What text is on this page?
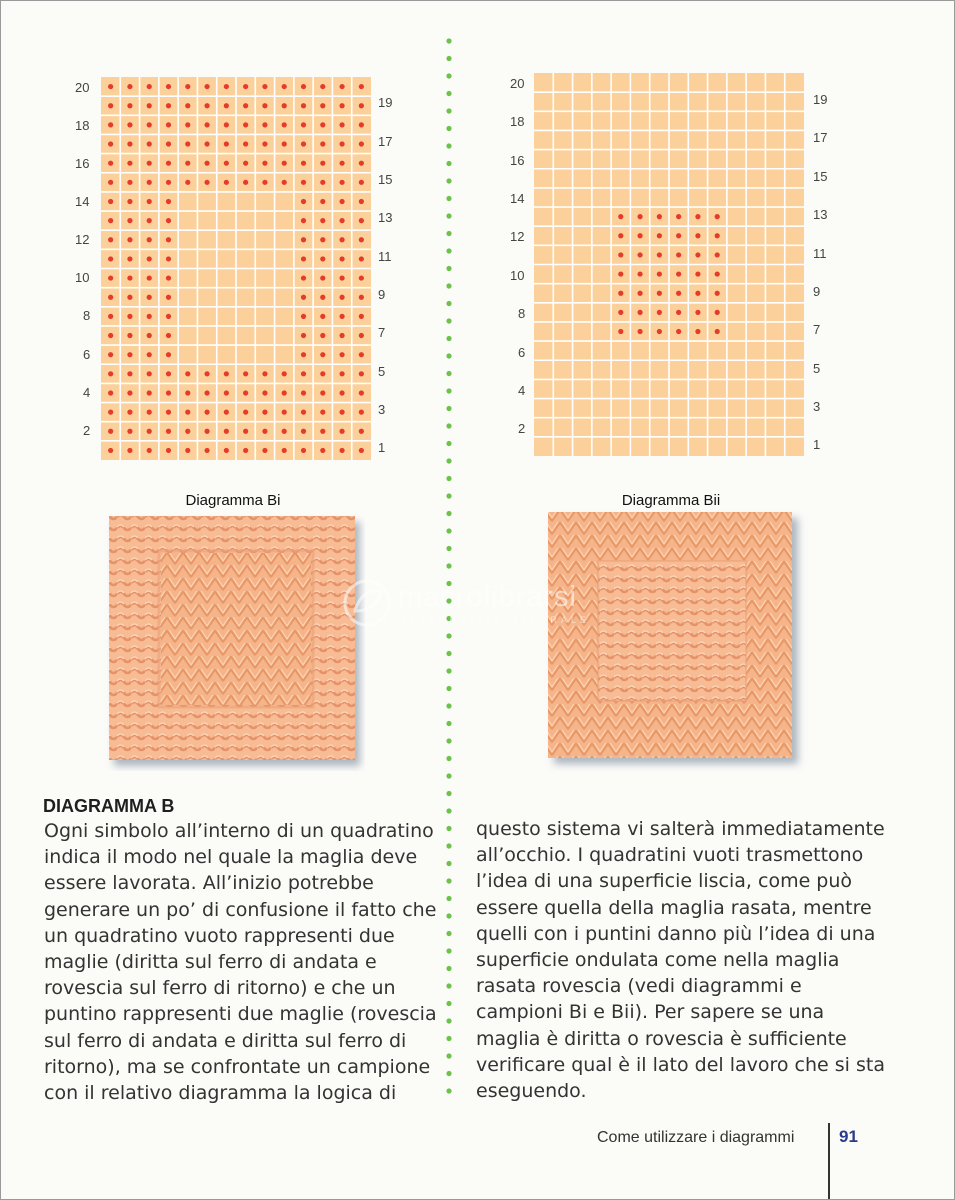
20
18
16
14
12
10
8
6
4
2
19
17
15
13
11
9
7
5
3
1
20
18
16
14
12
10
8
6
4
2
19
17
15
13
11
9
7
5
3
1
Diagramma Bi	Diagramma Bii
macrolibrarsi
ALTERNATIVA NATURALE
DIAGRAMMA B
Ogni simbolo all’interno di un quadratino
indica il modo nel quale la maglia deve
essere lavorata. All’inizio potrebbe
generare un po’ di confusione il fatto che
un quadratino vuoto rappresenti due
maglie (diritta sul ferro di andata e
rovescia sul ferro di ritorno) e che un
puntino rappresenti due maglie (rovescia
sul ferro di andata e diritta sul ferro di
ritorno), ma se confrontate un campione
con il relativo diagramma la logica di
questo sistema vi salterà immediatamente
all’occhio. I quadratini vuoti trasmettono
l’idea di una superficie liscia, come può
essere quella della maglia rasata, mentre
quelli con i puntini danno più l’idea di una
superficie ondulata come nella maglia
rasata rovescia (vedi diagrammi e
campioni Bi e Bii). Per sapere se una
maglia è diritta o rovescia è sufficiente
verificare qual è il lato del lavoro che si sta
eseguendo.
Come utilizzare i diagrammi	91
